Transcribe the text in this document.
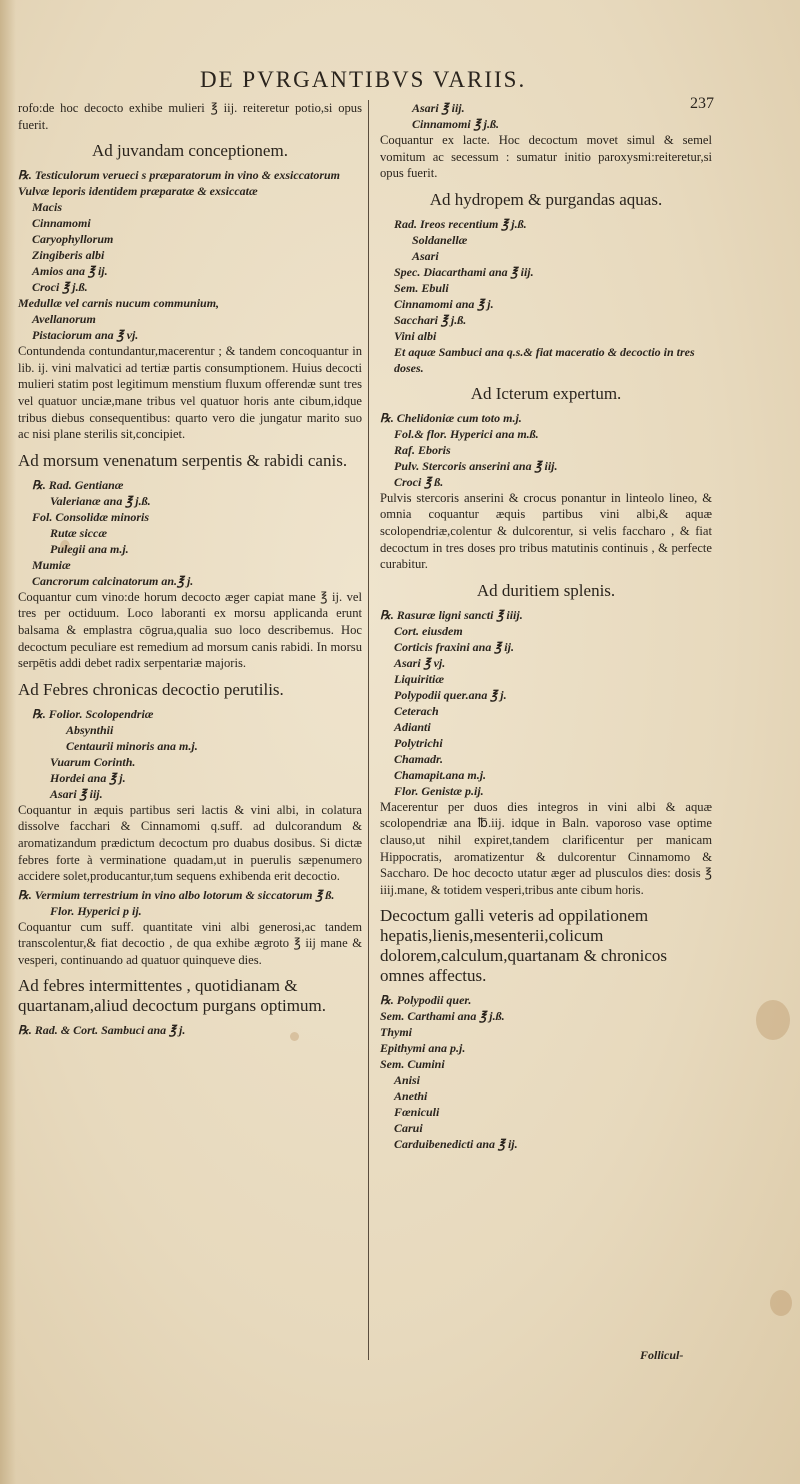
DE PVRGANTIBVS VARIIS.
237
rofo:de hoc decocto exhibe mulieri ℥ iij. reiteretur potio,si opus fuerit.
Ad juvandam conceptionem.
℞. Testiculorum verueci s præparatorum in vino & exsiccatorum
Vulvæ leporis identidem præparatæ & exsiccatæ
Macis
Cinnamomi
Caryophyllorum
Zingiberis albi
Amios ana ℥ ij.
Croci ℥ j.ß.
Medullæ vel carnis nucum communium,
Avellanorum
Pistaciorum ana ℥ vj.
Contundenda contundantur,macerentur ; & tandem concoquantur in lib. ij. vini malvatici ad tertiæ partis consumptionem. Huius decocti mulieri statim post legitimum menstium fluxum offerendæ sunt tres vel quatuor unciæ,mane tribus vel quatuor horis ante cibum,idque tribus diebus consequentibus: quarto vero die jungatur marito suo ac nisi plane sterilis sit,concipiet.
Ad morsum venenatum serpentis & rabidi canis.
℞. Rad. Gentianæ
Valerianæ ana ℥ j.ß.
Fol. Consolidæ minoris
Rutæ siccæ
Pulegii ana m.j.
Mumiæ
Cancrorum calcinatorum an.℥ j.
Coquantur cum vino:de horum decocto æger capiat mane ℥ ij. vel tres per octiduum. Loco laboranti ex morsu applicanda erunt balsama & emplastra cōgrua,qualia suo loco describemus. Hoc decoctum peculiare est remedium ad morsum canis rabidi. In morsu serpētis addi debet radix serpentariæ majoris.
Ad Febres chronicas decoctio perutilis.
℞. Folior. Scolopendriæ
Absynthii
Centaurii minoris ana m.j.
Vuarum Corinth.
Hordei ana ℥ j.
Asari ℥ iij.
Coquantur in æquis partibus seri lactis & vini albi, in colatura dissolve facchari & Cinnamomi q.suff. ad dulcorandum & aromatizandum prædictum decoctum pro duabus dosibus. Si dictæ febres forte à verminatione quadam,ut in puerulis sæpenumero accidere solet,producantur,tum sequens exhibenda erit decoctio.
℞. Vermium terrestrium in vino albo lotorum & siccatorum ℥ ß.
Flor. Hyperici p ij.
Coquantur cum suff. quantitate vini albi generosi,ac tandem transcolentur,& fiat decoctio , de qua exhibe ægroto ℥ iij mane & vesperi, continuando ad quatuor quinqueve dies.
Ad febres intermittentes , quotidianam & quartanam,aliud decoctum purgans optimum.
℞. Rad. & Cort. Sambuci ana ℥ j.
Asari ℥ iij.
Cinnamomi ℥ j.ß.
Coquantur ex lacte. Hoc decoctum movet simul & semel vomitum ac secessum : sumatur initio paroxysmi:reiteretur,si opus fuerit.
Ad hydropem & purgandas aquas.
Rad. Ireos recentium ℥ j.ß.
Soldanellæ
Asari
Spec. Diacarthami ana ℥ iij.
Sem. Ebuli
Cinnamomi ana ℥ j.
Sacchari ℥ j.ß.
Vini albi
Et aquæ Sambuci ana q.s.& fiat maceratio & decoctio in tres doses.
Ad Icterum expertum.
℞. Chelidoniæ cum toto m.j.
Fol.& flor. Hyperici ana m.ß.
Raf. Eboris
Pulv. Stercoris anserini ana ℥ iij.
Croci ℥ ß.
Pulvis stercoris anserini & crocus ponantur in linteolo lineo, & omnia coquantur æquis partibus vini albi,& aquæ scolopendriæ,colentur & dulcorentur, si velis faccharo , & fiat decoctum in tres doses pro tribus matutinis continuis , & perfecte curabitur.
Ad duritiem splenis.
℞. Rasuræ ligni sancti ℥ iiij.
Cort. eiusdem
Corticis fraxini ana ℥ ij.
Asari ℥ vj.
Liquiritiæ
Polypodii quer.ana ℥ j.
Ceterach
Adianti
Polytrichi
Chamadr.
Chamapit.ana m.j.
Flor. Genistæ p.ij.
Macerentur per duos dies integros in vini albi & aquæ scolopendriæ ana ℔.iij. idque in Baln. vaporoso vase optime clauso,ut nihil expiret,tandem clarificentur per manicam Hippocratis, aromatizentur & dulcorentur Cinnamomo & Saccharo. De hoc decocto utatur æger ad plusculos dies: dosis ℥ iiij.mane, & totidem vesperi,tribus ante cibum horis.
Decoctum galli veteris ad oppilationem hepatis,lienis,mesenterii,colicum dolorem,calculum,quartanam & chronicos omnes affectus.
℞. Polypodii quer.
Sem. Carthami ana ℥ j.ß.
Thymi
Epithymi ana p.j.
Sem. Cumini
Anisi
Anethi
Fœniculi
Carui
Carduibenedicti ana ℥ ij.
Follicul-
